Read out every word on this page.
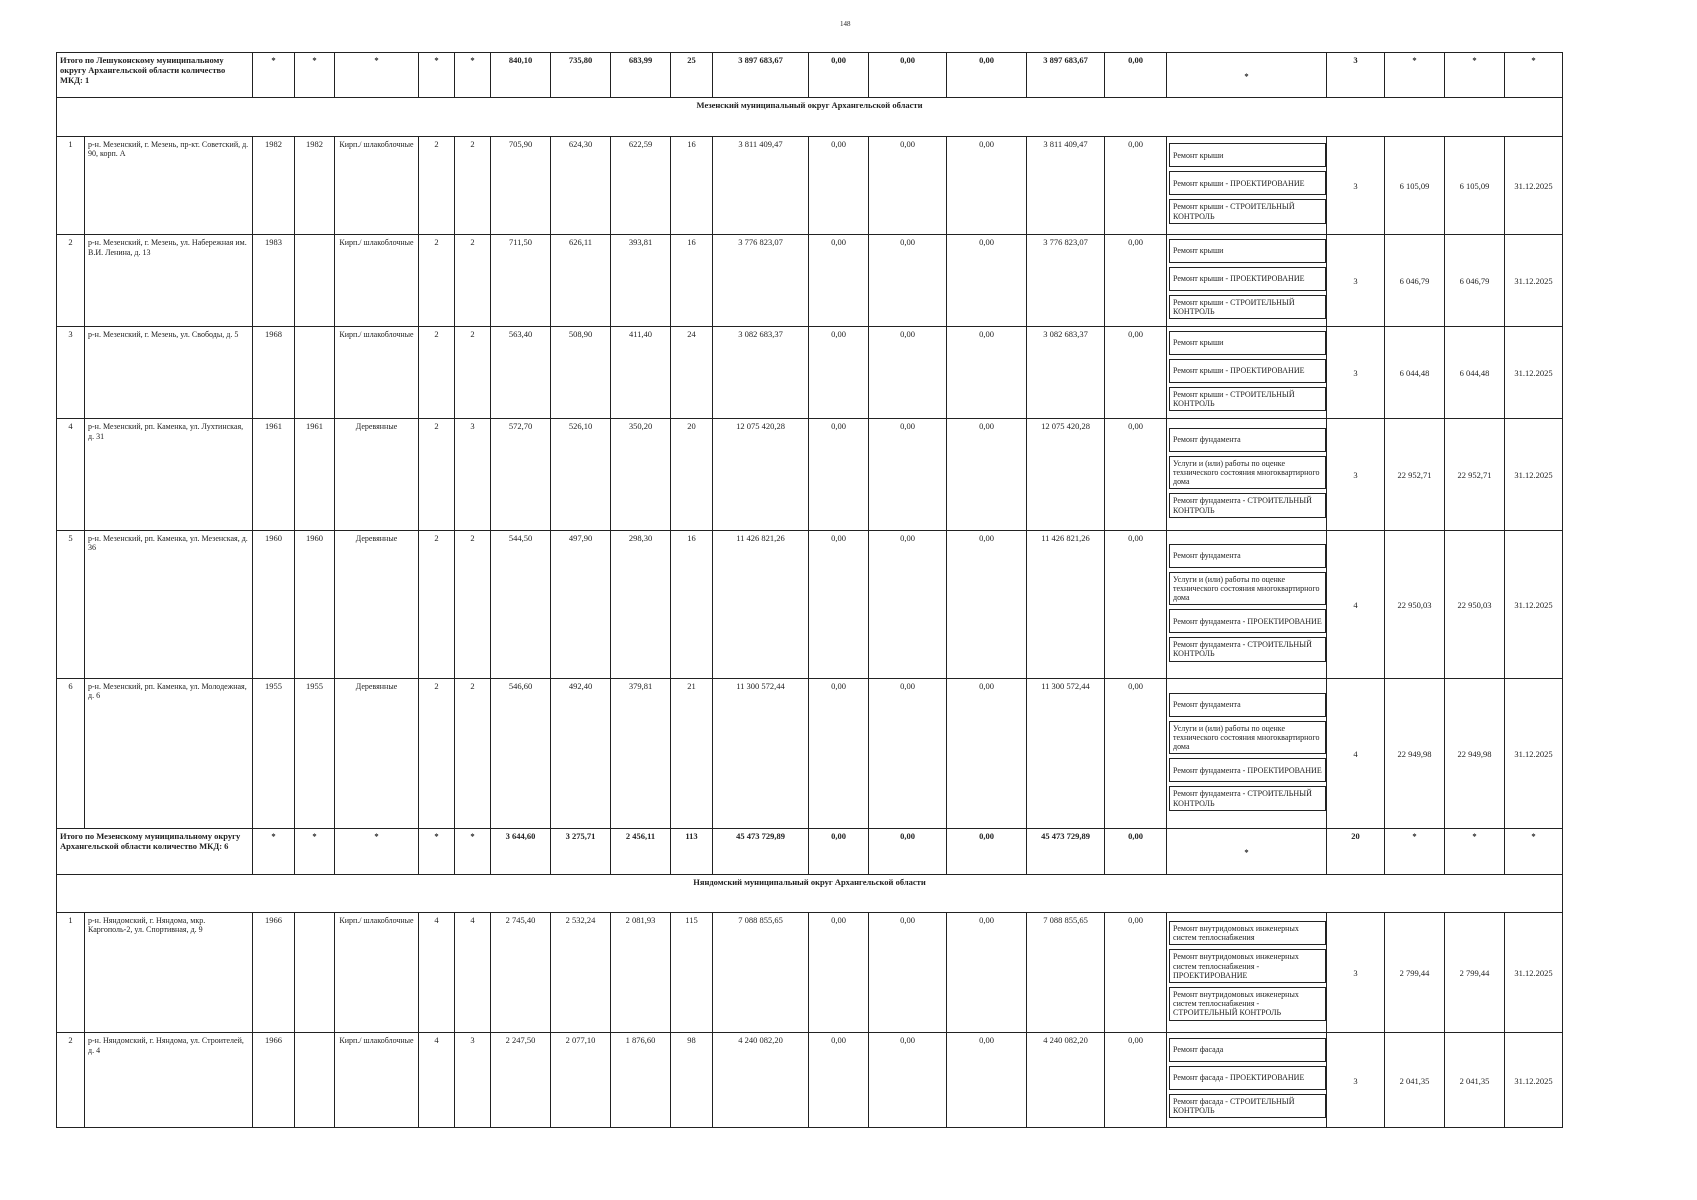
148
Итого по Лешуконскому муниципальному округу Архангельской области количество МКД: 1		*	*	*	*	*	840,10	735,80	683,99	25	3 897 683,67	0,00	0,00	0,00	3 897 683,67	0,00	*	3	*	*	*
Мезенский муниципальный округ Архангельской области																					
1	р-н. Мезенский, г. Мезень, пр-кт. Советский, д. 90, корп. А	1982	1982	Кирп./ шлакоблочные	2	2	705,90	624,30	622,59	16	3 811 409,47	0,00	0,00	0,00	3 811 409,47	0,00	Ремонт крыши
Ремонт крыши - ПРОЕКТИРОВАНИЕ
Ремонт крыши - СТРОИТЕЛЬНЫЙ КОНТРОЛЬ	3	6 105,09	6 105,09	31.12.2025
2	р-н. Мезенский, г. Мезень, ул. Набережная им. В.И. Ленина, д. 13	1983		Кирп./ шлакоблочные	2	2	711,50	626,11	393,81	16	3 776 823,07	0,00	0,00	0,00	3 776 823,07	0,00	Ремонт крыши
Ремонт крыши - ПРОЕКТИРОВАНИЕ
Ремонт крыши - СТРОИТЕЛЬНЫЙ КОНТРОЛЬ	3	6 046,79	6 046,79	31.12.2025
3	р-н. Мезенский, г. Мезень, ул. Свободы, д. 5	1968		Кирп./ шлакоблочные	2	2	563,40	508,90	411,40	24	3 082 683,37	0,00	0,00	0,00	3 082 683,37	0,00	Ремонт крыши
Ремонт крыши - ПРОЕКТИРОВАНИЕ
Ремонт крыши - СТРОИТЕЛЬНЫЙ КОНТРОЛЬ	3	6 044,48	6 044,48	31.12.2025
4	р-н. Мезенский, рп. Каменка, ул. Лухтинская, д. 31	1961	1961	Деревянные	2	3	572,70	526,10	350,20	20	12 075 420,28	0,00	0,00	0,00	12 075 420,28	0,00	Ремонт фундамента
Услуги и (или) работы по оценке технического состояния многоквартирного дома
Ремонт фундамента - СТРОИТЕЛЬНЫЙ КОНТРОЛЬ	3	22 952,71	22 952,71	31.12.2025
5	р-н. Мезенский, рп. Каменка, ул. Мезенская, д. 36	1960	1960	Деревянные	2	2	544,50	497,90	298,30	16	11 426 821,26	0,00	0,00	0,00	11 426 821,26	0,00	Ремонт фундамента
Услуги и (или) работы по оценке технического состояния многоквартирного дома
Ремонт фундамента - ПРОЕКТИРОВАНИЕ
Ремонт фундамента - СТРОИТЕЛЬНЫЙ КОНТРОЛЬ	4	22 950,03	22 950,03	31.12.2025
6	р-н. Мезенский, рп. Каменка, ул. Молодежная, д. 6	1955	1955	Деревянные	2	2	546,60	492,40	379,81	21	11 300 572,44	0,00	0,00	0,00	11 300 572,44	0,00	Ремонт фундамента
Услуги и (или) работы по оценке технического состояния многоквартирного дома
Ремонт фундамента - ПРОЕКТИРОВАНИЕ
Ремонт фундамента - СТРОИТЕЛЬНЫЙ КОНТРОЛЬ	4	22 949,98	22 949,98	31.12.2025
Итого по Мезенскому муниципальному округу Архангельской области количество МКД: 6		*	*	*	*	*	3 644,60	3 275,71	2 456,11	113	45 473 729,89	0,00	0,00	0,00	45 473 729,89	0,00	*	20	*	*	*
Няндомский муниципальный округ Архангельской области																					
1	р-н. Няндомский, г. Няндома, мкр. Каргополь-2, ул. Спортивная, д. 9	1966		Кирп./ шлакоблочные	4	4	2 745,40	2 532,24	2 081,93	115	7 088 855,65	0,00	0,00	0,00	7 088 855,65	0,00	Ремонт внутридомовых инженерных систем теплоснабжения
Ремонт внутридомовых инженерных систем теплоснабжения - ПРОЕКТИРОВАНИЕ
Ремонт внутридомовых инженерных систем теплоснабжения - СТРОИТЕЛЬНЫЙ КОНТРОЛЬ	3	2 799,44	2 799,44	31.12.2025
2	р-н. Няндомский, г. Няндома, ул. Строителей, д. 4	1966		Кирп./ шлакоблочные	4	3	2 247,50	2 077,10	1 876,60	98	4 240 082,20	0,00	0,00	0,00	4 240 082,20	0,00	Ремонт фасада
Ремонт фасада - ПРОЕКТИРОВАНИЕ
Ремонт фасада - СТРОИТЕЛЬНЫЙ КОНТРОЛЬ	3	2 041,35	2 041,35	31.12.2025
